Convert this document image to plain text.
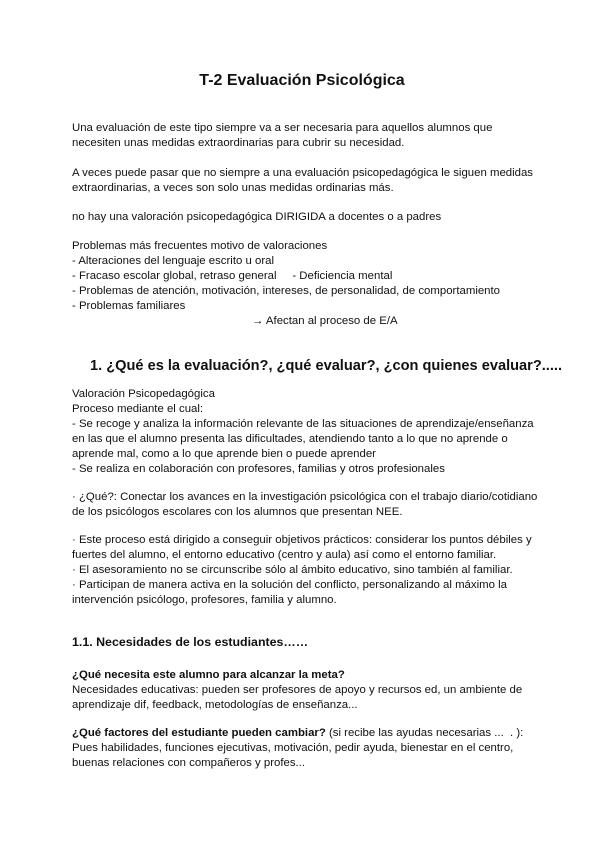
T-2 Evaluación Psicológica

Una evaluación de este tipo siempre va a ser necesaria para aquellos alumnos que
necesiten unas medidas extraordinarias para cubrir su necesidad.

A veces puede pasar que no siempre a una evaluación psicopedagógica le siguen medidas
extraordinarias, a veces son solo unas medidas ordinarias más.

no hay una valoración psicopedagógica DIRIGIDA a docentes o a padres

Problemas más frecuentes motivo de valoraciones
- Alteraciones del lenguaje escrito u oral
- Fracaso escolar global, retraso general     - Deficiencia mental
- Problemas de atención, motivación, intereses, de personalidad, de comportamiento
- Problemas familiares
→ Afectan al proceso de E/A
1. ¿Qué es la evaluación?, ¿qué evaluar?, ¿con quienes evaluar?.....
Valoración Psicopedagógica
Proceso mediante el cual:
- Se recoge y analiza la información relevante de las situaciones de aprendizaje/enseñanza
en las que el alumno presenta las dificultades, atendiendo tanto a lo que no aprende o
aprende mal, como a lo que aprende bien o puede aprender
- Se realiza en colaboración con profesores, familias y otros profesionales

· ¿Qué?: Conectar los avances en la investigación psicológica con el trabajo diario/cotidiano
de los psicólogos escolares con los alumnos que presentan NEE.

· Este proceso está dirigido a conseguir objetivos prácticos: considerar los puntos débiles y
fuertes del alumno, el entorno educativo (centro y aula) así como el entorno familiar.
· El asesoramiento no se circunscribe sólo al ámbito educativo, sino también al familiar.
· Participan de manera activa en la solución del conflicto, personalizando al máximo la
intervención psicólogo, profesores, familia y alumno.

1.1. Necesidades de los estudiantes……
¿Qué necesita este alumno para alcanzar la meta?
Necesidades educativas: pueden ser profesores de apoyo y recursos ed, un ambiente de
aprendizaje dif, feedback, metodologías de enseñanza...
¿Qué factores del estudiante pueden cambiar? (si recibe las ayudas necesarias ...  . ):
Pues habilidades, funciones ejecutivas, motivación, pedir ayuda, bienestar en el centro,
buenas relaciones con compañeros y profes...
